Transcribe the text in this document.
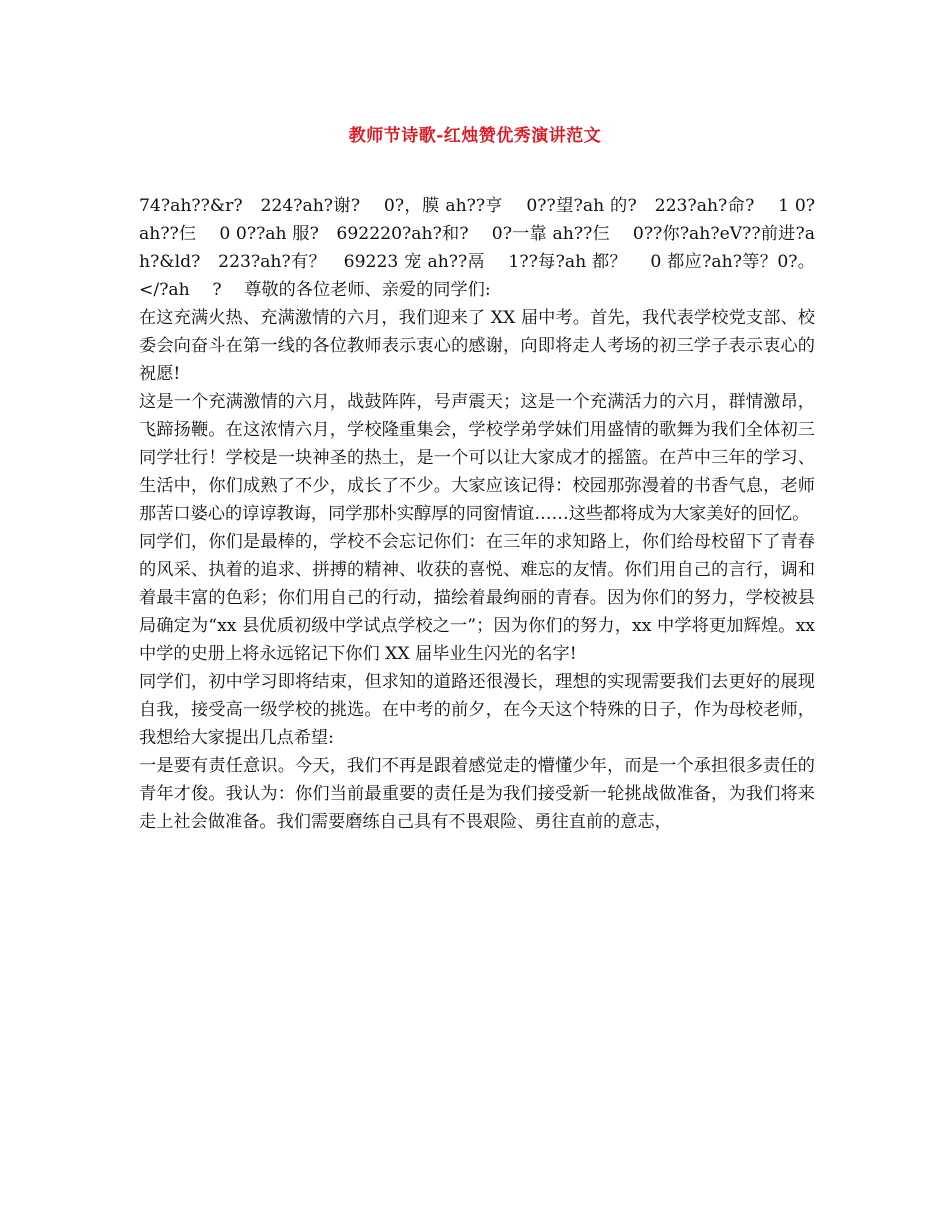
教师节诗歌-红烛赞优秀演讲范文

74?ah??&r?　224?ah?谢?　 0?，膜 ah??亨　 0??望?ah 的?　223?ah?命?　 1 0?ah??仨　 0 0??ah 服?　692220?ah?和?　 0?一靠 ah??仨　 0??你?ah?eV??前进?ah?&ld?　223?ah?有？　69223 宠 ah??鬲　 1??每?ah 都？　 0 都应?ah?等？0?。</?ah　 ?　 尊敬的各位老师、亲爱的同学们:

在这充满火热、充满激情的六月，我们迎来了 XX 届中考。首先，我代表学校党支部、校委会向奋斗在第一线的各位教师表示衷心的感谢，向即将走人考场的初三学子表示衷心的祝愿!

这是一个充满激情的六月，战鼓阵阵，号声震天；这是一个充满活力的六月，群情激昂，飞蹄扬鞭。在这浓情六月，学校隆重集会，学校学弟学妹们用盛情的歌舞为我们全体初三同学壮行！学校是一块神圣的热土，是一个可以让大家成才的摇篮。在芦中三年的学习、生活中，你们成熟了不少，成长了不少。大家应该记得：校园那弥漫着的书香气息，老师那苦口婆心的谆谆教诲，同学那朴实醇厚的同窗情谊……这些都将成为大家美好的回忆。

同学们，你们是最棒的，学校不会忘记你们：在三年的求知路上，你们给母校留下了青春的风采、执着的追求、拼搏的精神、收获的喜悦、难忘的友情。你们用自己的言行，调和着最丰富的色彩；你们用自己的行动，描绘着最绚丽的青春。因为你们的努力，学校被县局确定为“xx 县优质初级中学试点学校之一”；因为你们的努力，xx 中学将更加辉煌。xx 中学的史册上将永远铭记下你们 XX 届毕业生闪光的名字!

同学们，初中学习即将结束，但求知的道路还很漫长，理想的实现需要我们去更好的展现自我，接受高一级学校的挑选。在中考的前夕，在今天这个特殊的日子，作为母校老师，我想给大家提出几点希望:

一是要有责任意识。今天，我们不再是跟着感觉走的懵懂少年，而是一个承担很多责任的青年才俊。我认为：你们当前最重要的责任是为我们接受新一轮挑战做准备，为我们将来走上社会做准备。我们需要磨练自己具有不畏艰险、勇往直前的意志，
